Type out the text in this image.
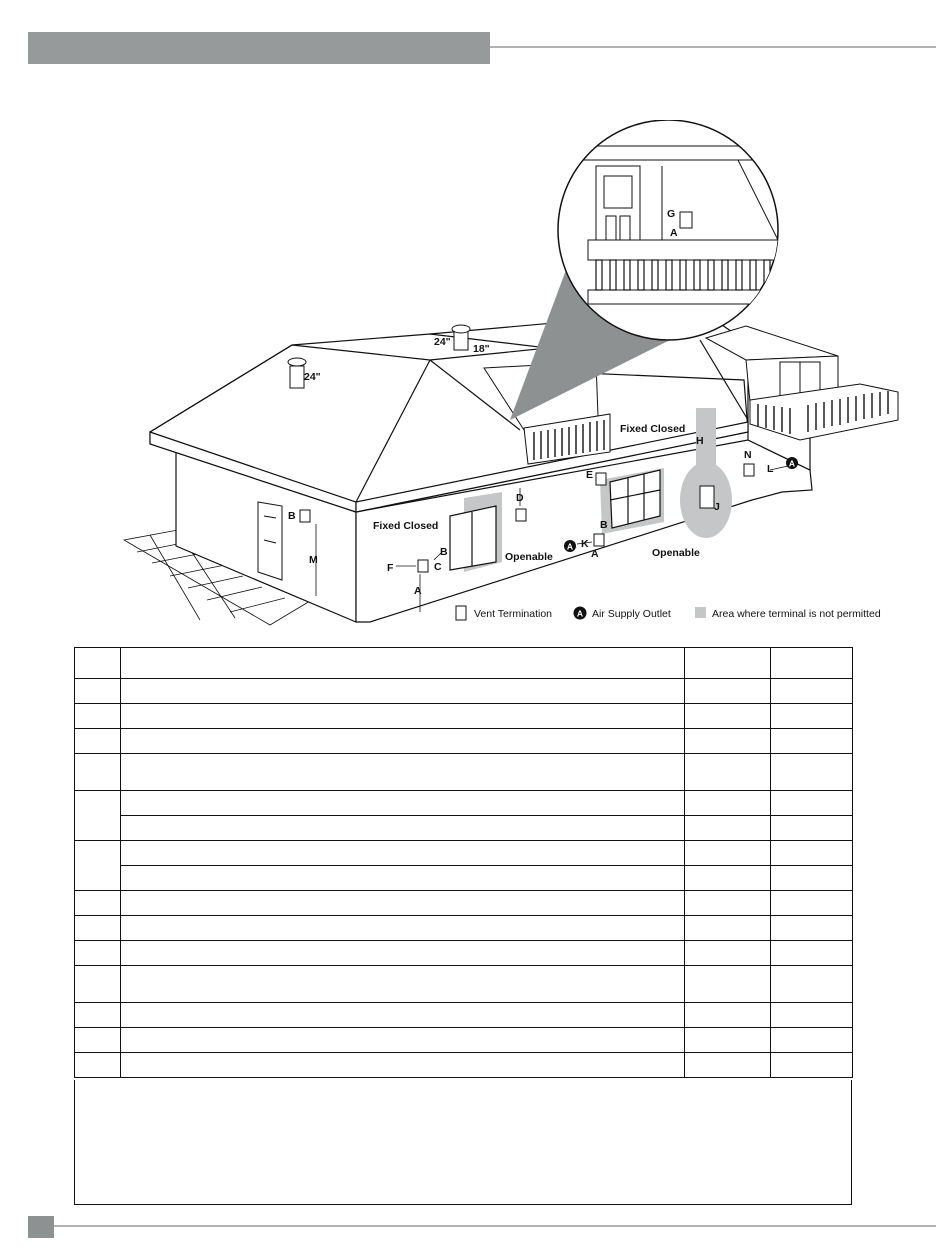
Fixed Closed
Fixed Closed
Openable	Openable
24"
24"
18"
A
A
A
B
B
B
C
D
E
F
G
H
J
K
L
M
N
A
A
Vent Termination	A Air Supply Outlet	Area where terminal is not permitted
